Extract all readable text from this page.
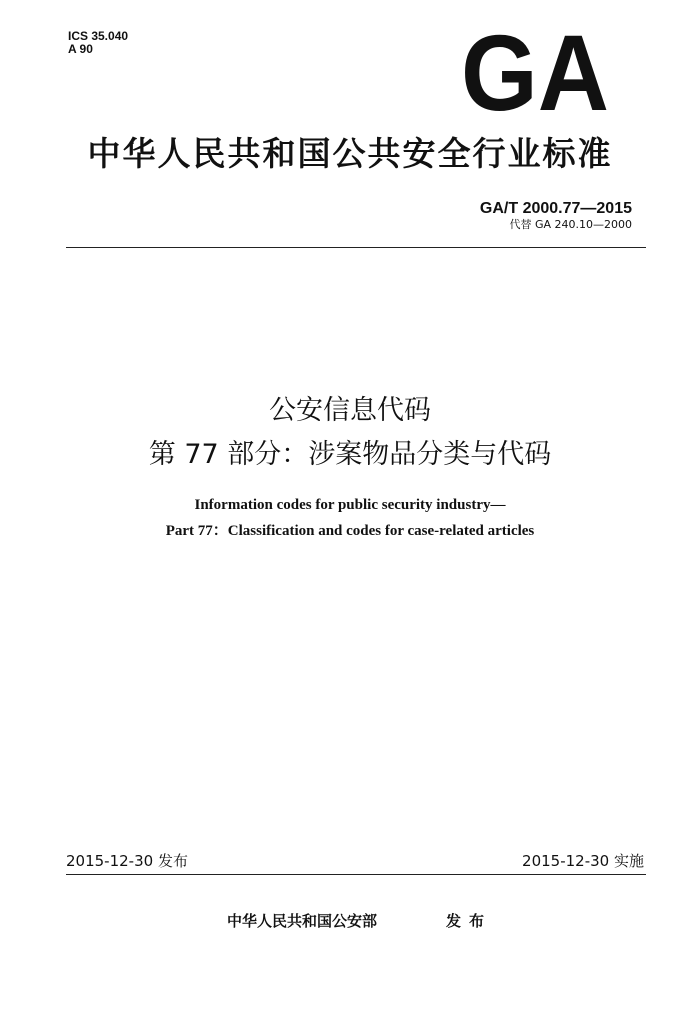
ICS 35.040
A 90	GA
中华人民共和国公共安全行业标准
GA/T 2000.77—2015
代替 GA 240.10—2000
公安信息代码
第 77 部分：涉案物品分类与代码
Information codes for public security industry—
Part 77：Classification and codes for case-related articles
2015-12-30 发布	2015-12-30 实施
中华人民共和国公安部	发布
